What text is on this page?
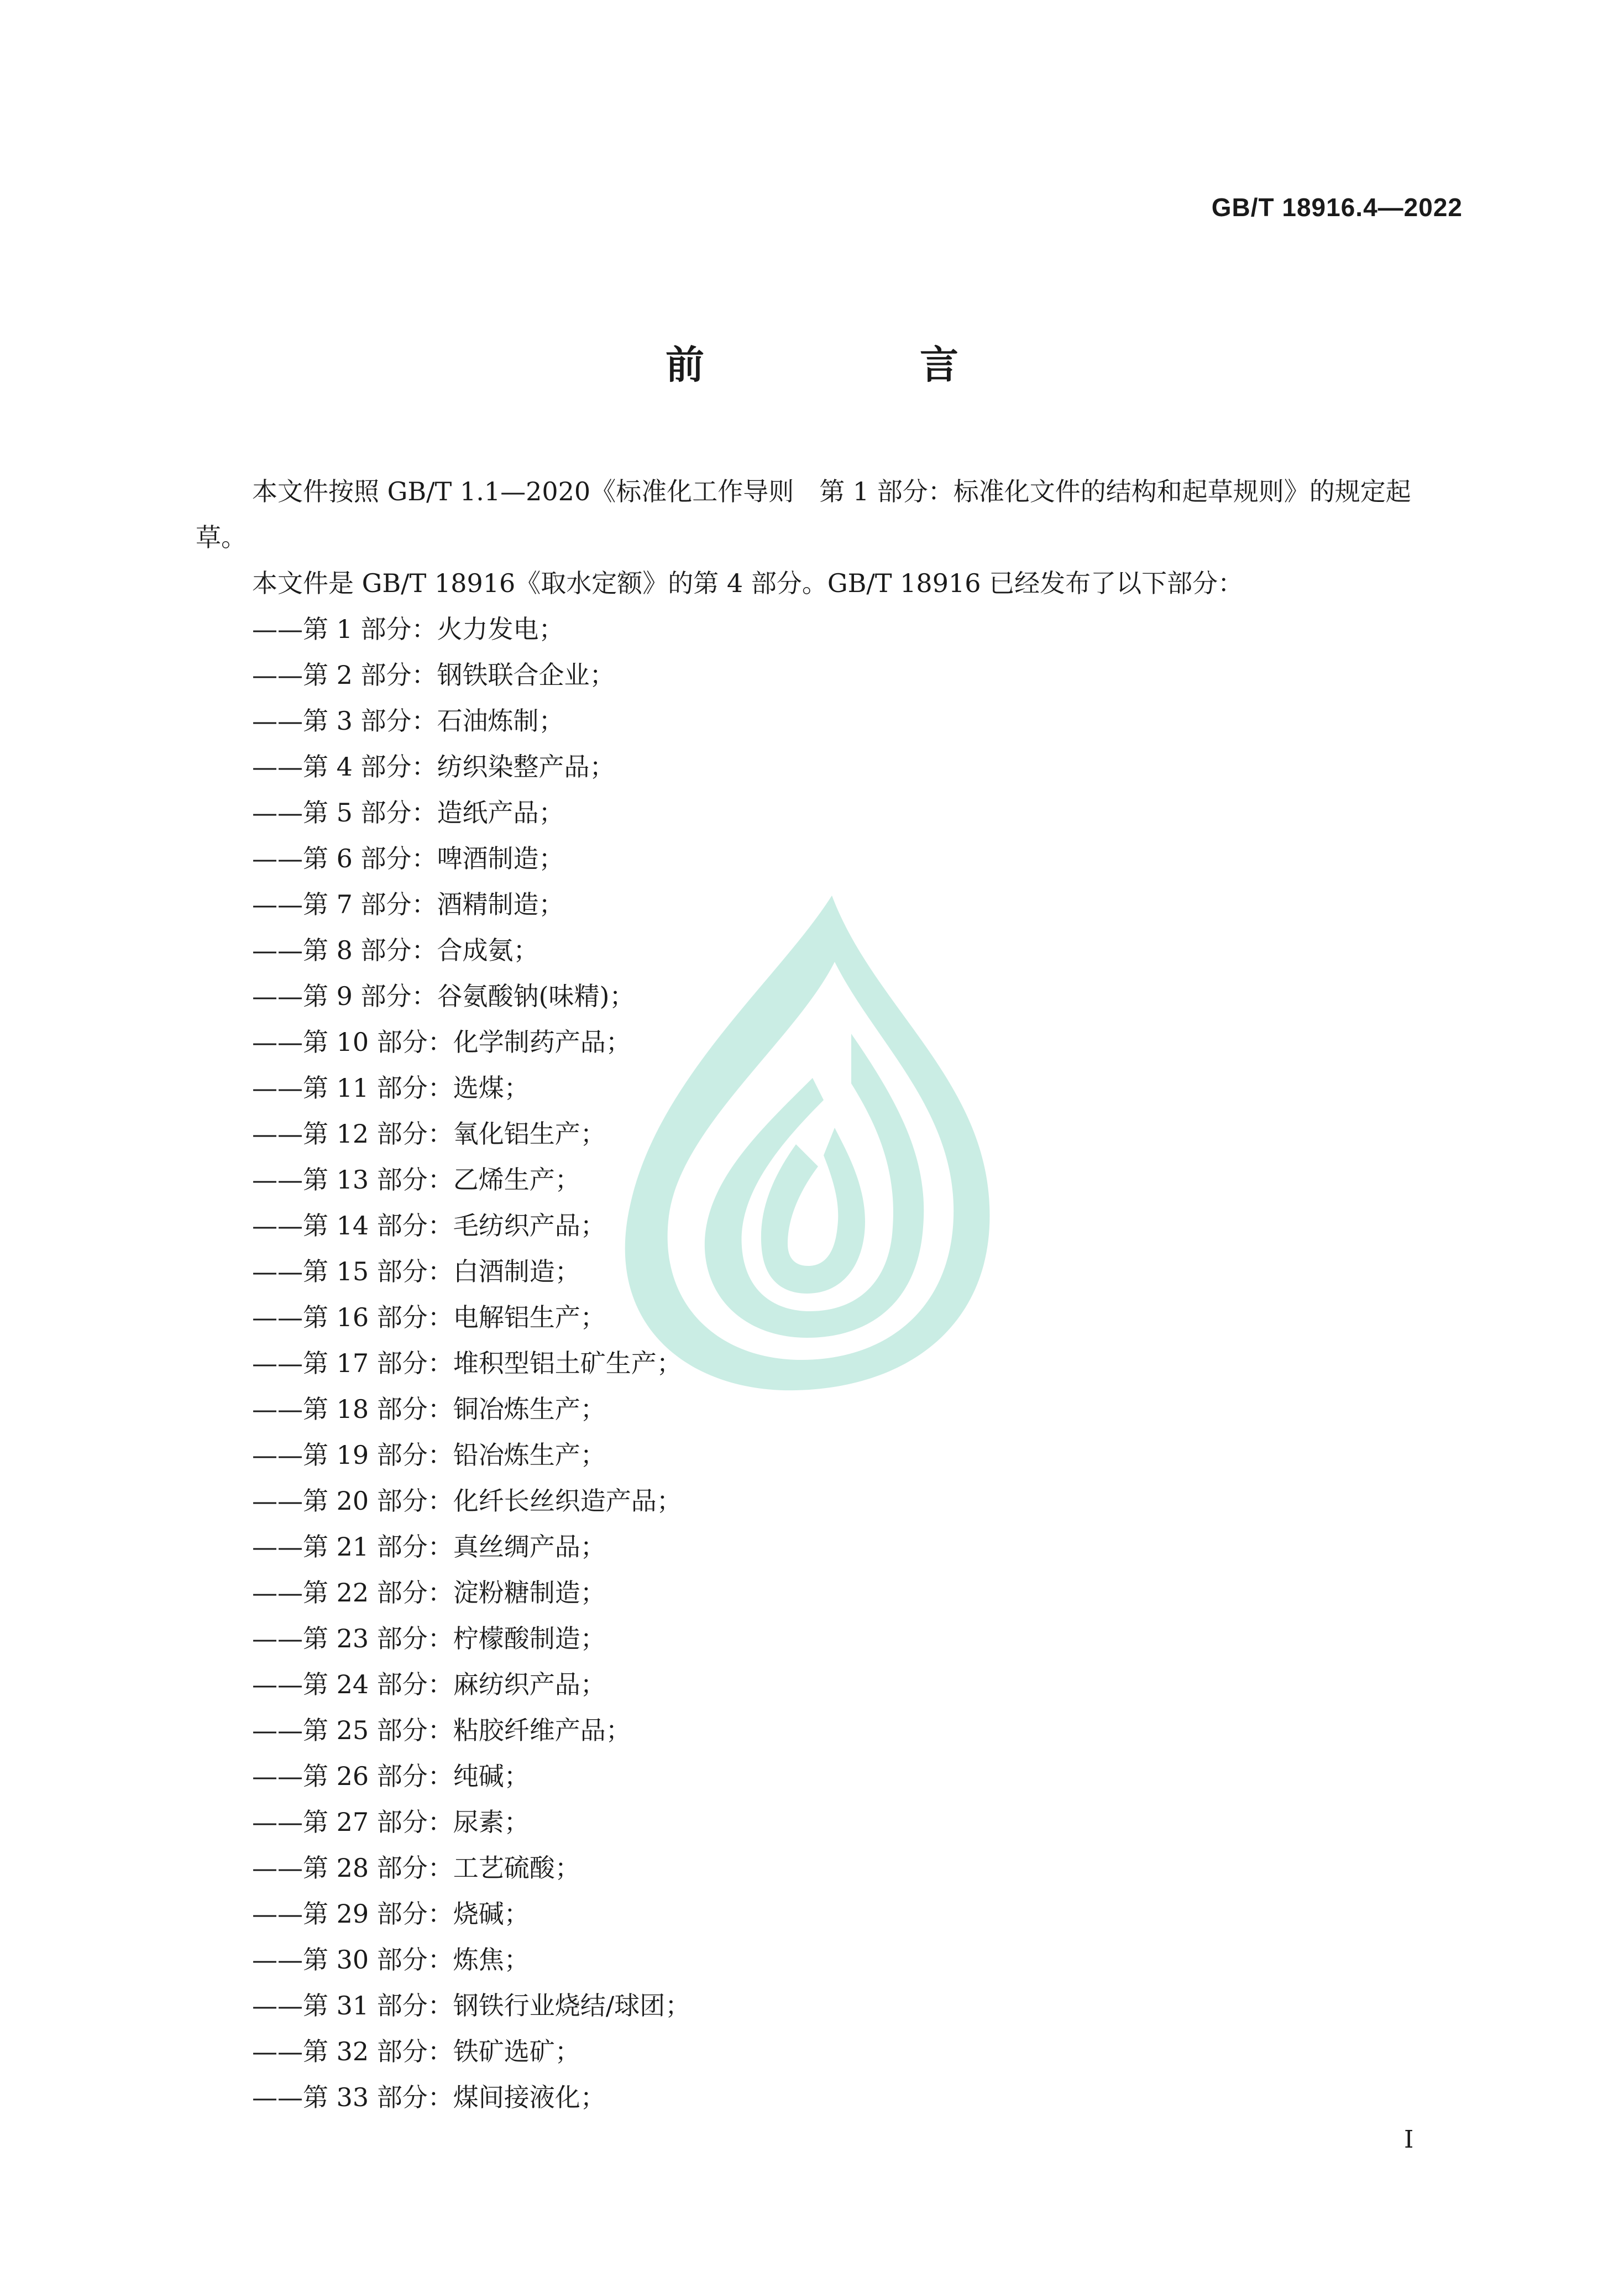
GB/T 18916.4—2022
前　言

本文件按照 GB/T 1.1—2020《标准化工作导则　第 1 部分：标准化文件的结构和起草规则》的规定起草。

本文件是 GB/T 18916《取水定额》的第 4 部分。GB/T 18916 已经发布了以下部分：

——第 1 部分：火力发电；
——第 2 部分：钢铁联合企业；
——第 3 部分：石油炼制；
——第 4 部分：纺织染整产品；
——第 5 部分：造纸产品；
——第 6 部分：啤酒制造；
——第 7 部分：酒精制造；
——第 8 部分：合成氨；
——第 9 部分：谷氨酸钠(味精)；
——第 10 部分：化学制药产品；
——第 11 部分：选煤；
——第 12 部分：氧化铝生产；
——第 13 部分：乙烯生产；
——第 14 部分：毛纺织产品；
——第 15 部分：白酒制造；
——第 16 部分：电解铝生产；
——第 17 部分：堆积型铝土矿生产；
——第 18 部分：铜冶炼生产；
——第 19 部分：铅冶炼生产；
——第 20 部分：化纤长丝织造产品；
——第 21 部分：真丝绸产品；
——第 22 部分：淀粉糖制造；
——第 23 部分：柠檬酸制造；
——第 24 部分：麻纺织产品；
——第 25 部分：粘胶纤维产品；
——第 26 部分：纯碱；
——第 27 部分：尿素；
——第 28 部分：工艺硫酸；
——第 29 部分：烧碱；
——第 30 部分：炼焦；
——第 31 部分：钢铁行业烧结/球团；
——第 32 部分：铁矿选矿；
——第 33 部分：煤间接液化；
I
